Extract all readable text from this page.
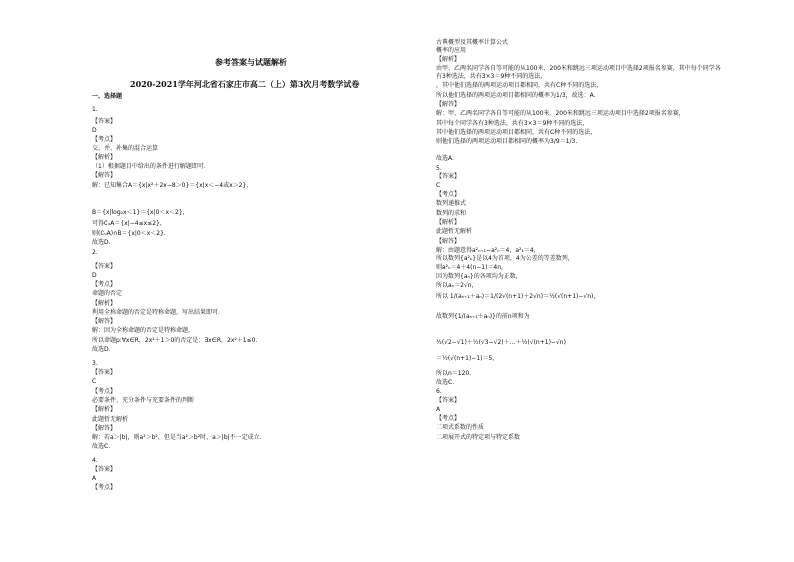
参考答案与试题解析
2020-2021学年河北省石家庄市高二（上）第3次月考数学试卷
一、选择题
1.
【答案】
D
【考点】
交、并、补集的混合运算
【解析】
（1）根据题目中给出的条件进行解题即可.
【解答】
解：已知集合A＝{x|x²＋2x−8＞0}＝{x|x＜−4或x＞2}，
B＝{x|log₂x＜1}＝{x|0＜x＜2}，
可得∁ᵤA＝{x|−4≤x≤2}，
则(∁ᵤA)∩B＝{x|0＜x＜2}.
故选D.
2.
【答案】
D
【考点】
命题的否定
【解析】
利用全称命题的否定是特称命题，写出结果即可.
【解答】
解：因为全称命题的否定是特称命题，
所以命题p:∀x∈R，2x²＋1＞0的否定是：∃x∈R，2x²＋1≤0.
故选D.
3.
【答案】
C
【考点】
必要条件、充分条件与充要条件的判断
【解析】
此题暂无解析
【解答】
解：若a＞|b|，则a²＞b²，但是当a²＞b²时，a＞|b|不一定成立.
故选C.
4.
【答案】
A
【考点】
古典概型及其概率计算公式
概率的应用
【解析】
由甲、乙两名同学各自等可能的从100米、200米和跳远三项运动项目中选择2项报名参赛，其中每个同学各
有3种选法，共有3×3＝9种不同的选法，
，其中他们选择的两项运动项目都相同，共有C种不同的选法，
所以他们选择的两项运动项目都相同的概率为1/3，故选：A.
【解答】
解：甲、乙两名同学各自等可能的从100米、200米和跳远三项运动项目中选择2项报名参赛，
其中每个同学各有3种选法，共有3×3＝9种不同的选法，
其中他们选择的两项运动项目都相同，共有C种不同的选法，
则他们选择的两项运动项目都相同的概率为3/9＝1/3.
故选A.
5.
【答案】
C
【考点】
数列递推式
数列的求和
【解析】
此题暂无解析
【解答】
解：由题意得a²ₙ₊₁−a²ₙ＝4，a²₁＝4，
所以数列{a²ₙ}是以4为首项，4为公差的等差数列，
则a²ₙ＝4＋4(n−1)＝4n，
因为数列{aₙ}的各项均为正数，
所以aₙ＝2√n，
所以 1/(aₙ₊₁＋aₙ)＝1/(2√(n+1)＋2√n)＝½(√(n+1)−√n)，
故数列{1/(aₙ₊₁＋aₙ)}的前n项和为
½(√2−√1)＋½(√3−√2)＋…＋½(√(n+1)−√n)
＝½(√(n+1)−1)＝5，
所以n＝120.
故选C.
6.
【答案】
A
【考点】
二项式系数的性质
二项展开式的特定项与特定系数
